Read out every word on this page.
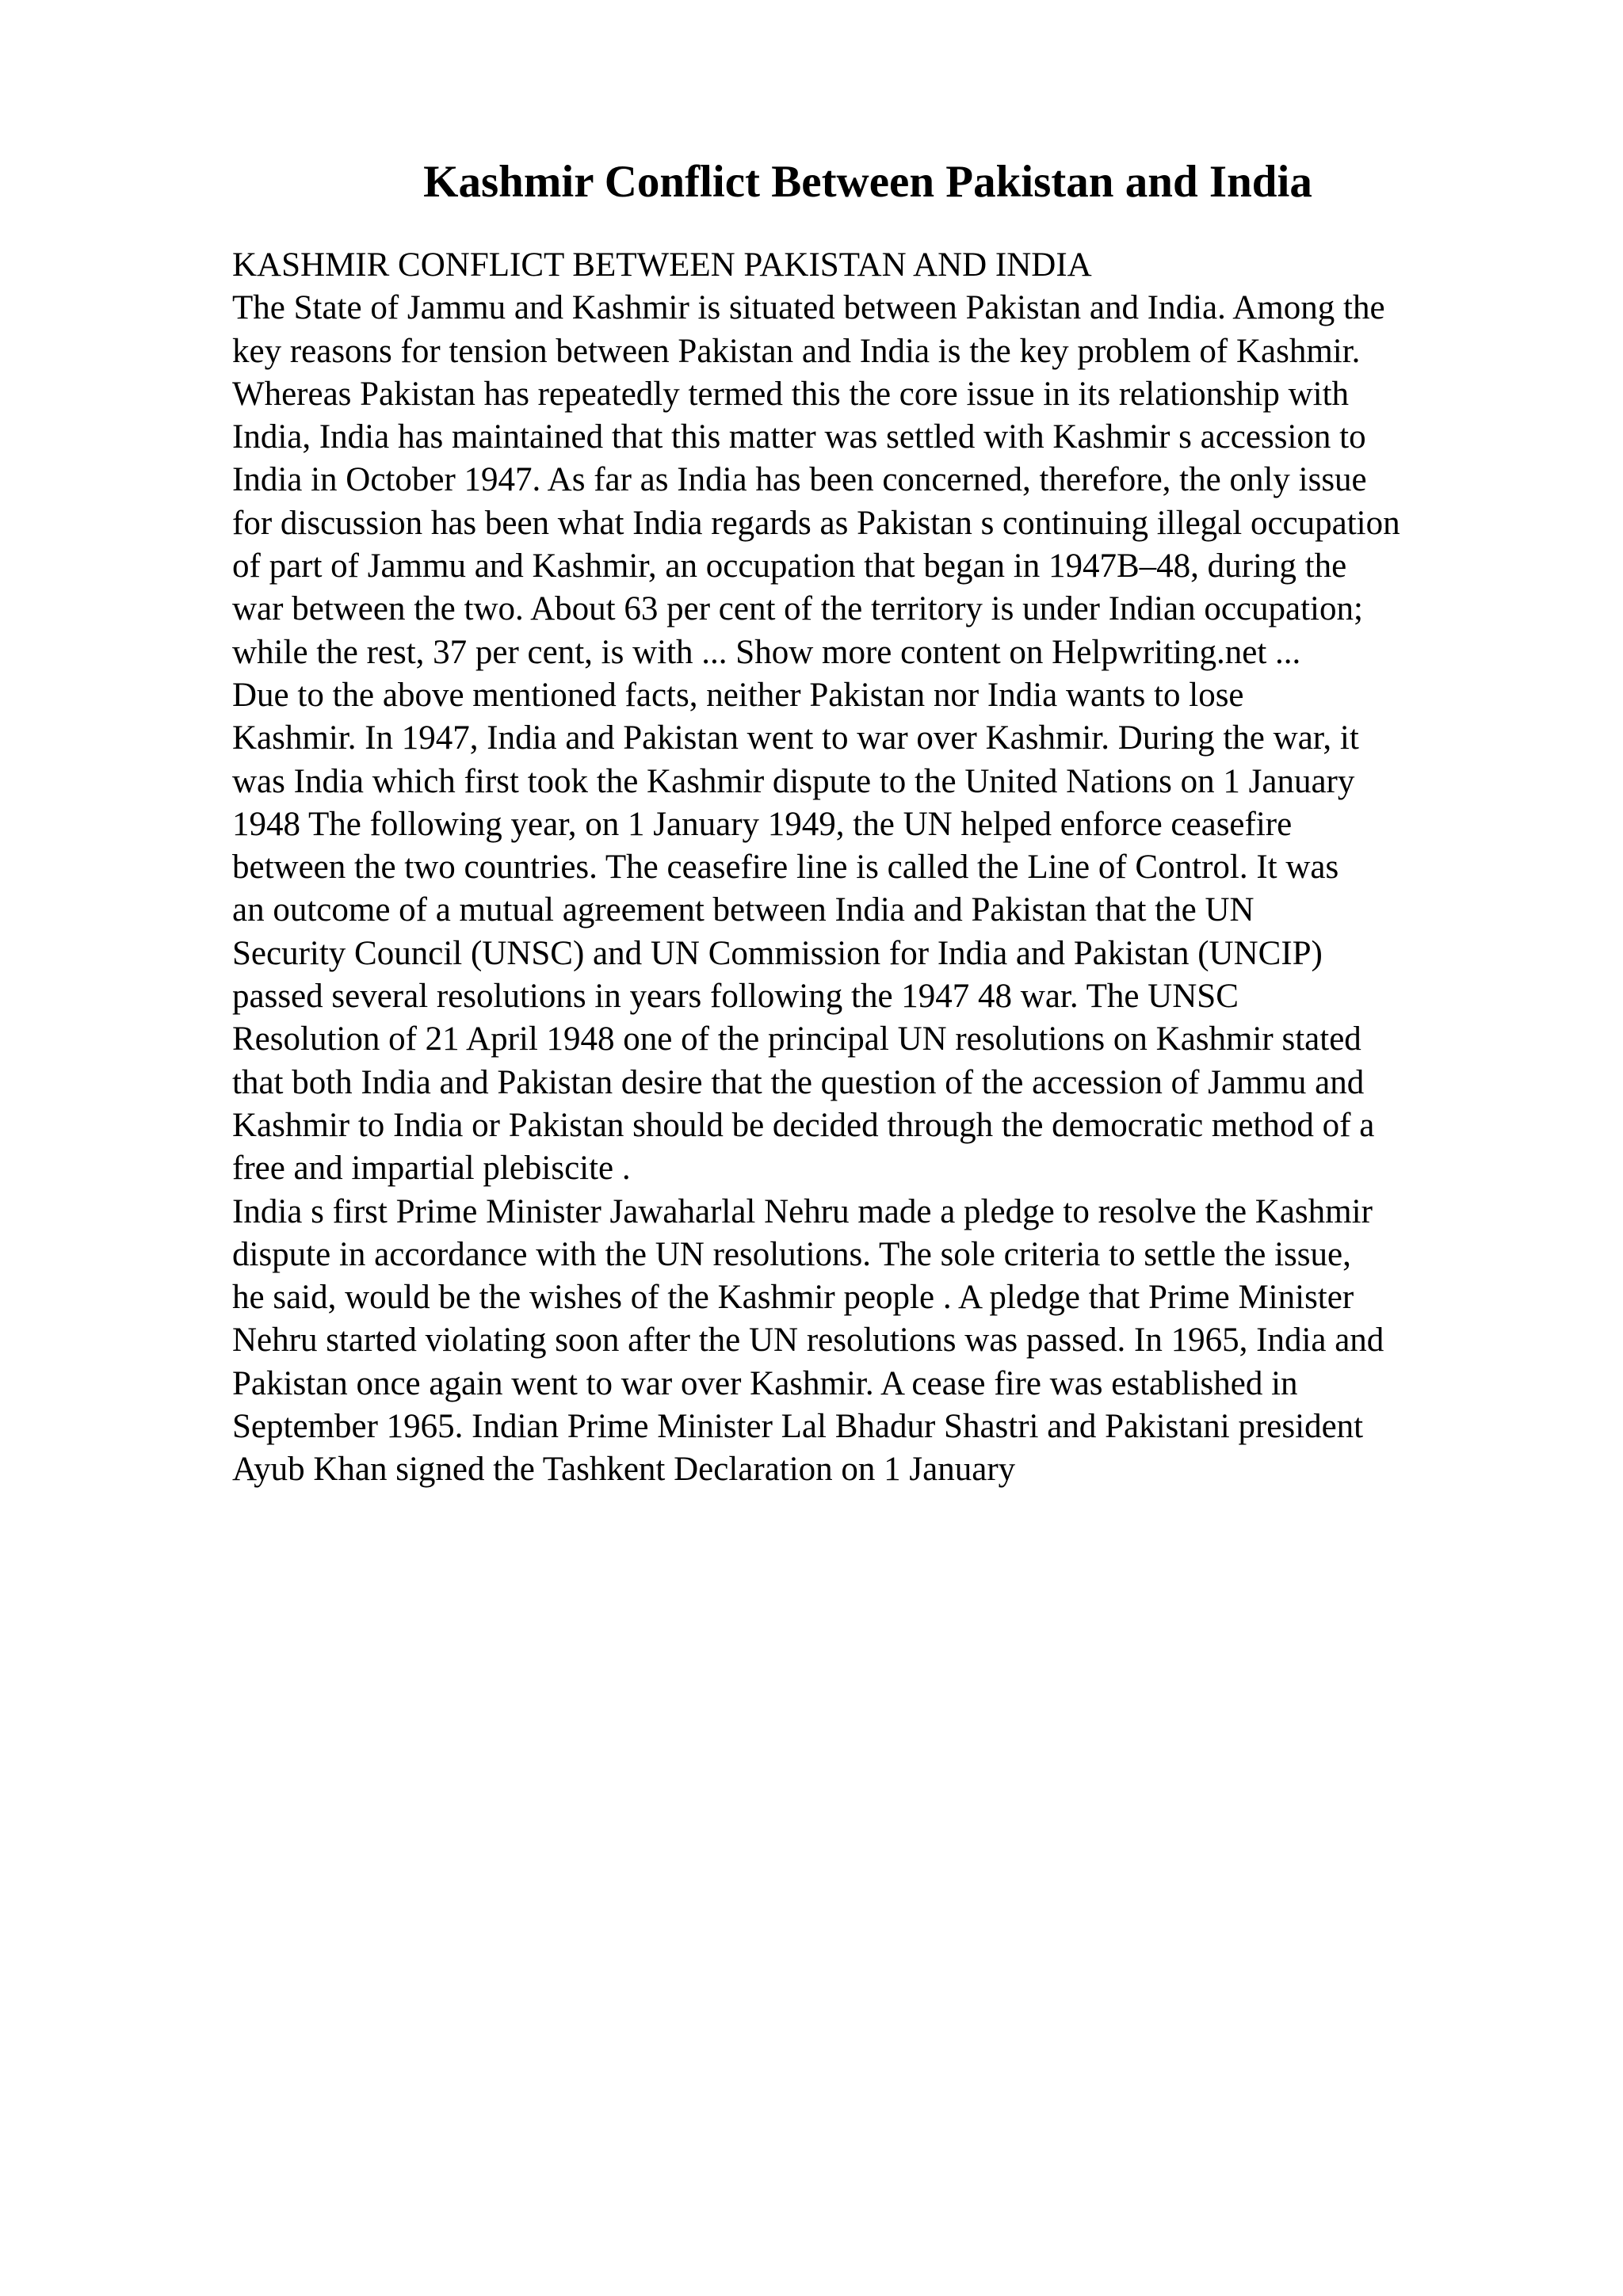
Kashmir Conflict Between Pakistan and India
KASHMIR CONFLICT BETWEEN PAKISTAN AND INDIA
The State of Jammu and Kashmir is situated between Pakistan and India. Among the
key reasons for tension between Pakistan and India is the key problem of Kashmir.
Whereas Pakistan has repeatedly termed this the core issue in its relationship with
India, India has maintained that this matter was settled with Kashmir s accession to
India in October 1947. As far as India has been concerned, therefore, the only issue
for discussion has been what India regards as Pakistan s continuing illegal occupation
of part of Jammu and Kashmir, an occupation that began in 1947B–48, during the
war between the two. About 63 per cent of the territory is under Indian occupation;
while the rest, 37 per cent, is with ... Show more content on Helpwriting.net ...
Due to the above mentioned facts, neither Pakistan nor India wants to lose
Kashmir. In 1947, India and Pakistan went to war over Kashmir. During the war, it
was India which first took the Kashmir dispute to the United Nations on 1 January
1948 The following year, on 1 January 1949, the UN helped enforce ceasefire
between the two countries. The ceasefire line is called the Line of Control. It was
an outcome of a mutual agreement between India and Pakistan that the UN
Security Council (UNSC) and UN Commission for India and Pakistan (UNCIP)
passed several resolutions in years following the 1947 48 war. The UNSC
Resolution of 21 April 1948 one of the principal UN resolutions on Kashmir stated
that both India and Pakistan desire that the question of the accession of Jammu and
Kashmir to India or Pakistan should be decided through the democratic method of a
free and impartial plebiscite .
India s first Prime Minister Jawaharlal Nehru made a pledge to resolve the Kashmir
dispute in accordance with the UN resolutions. The sole criteria to settle the issue,
he said, would be the wishes of the Kashmir people . A pledge that Prime Minister
Nehru started violating soon after the UN resolutions was passed. In 1965, India and
Pakistan once again went to war over Kashmir. A cease fire was established in
September 1965. Indian Prime Minister Lal Bhadur Shastri and Pakistani president
Ayub Khan signed the Tashkent Declaration on 1 January
